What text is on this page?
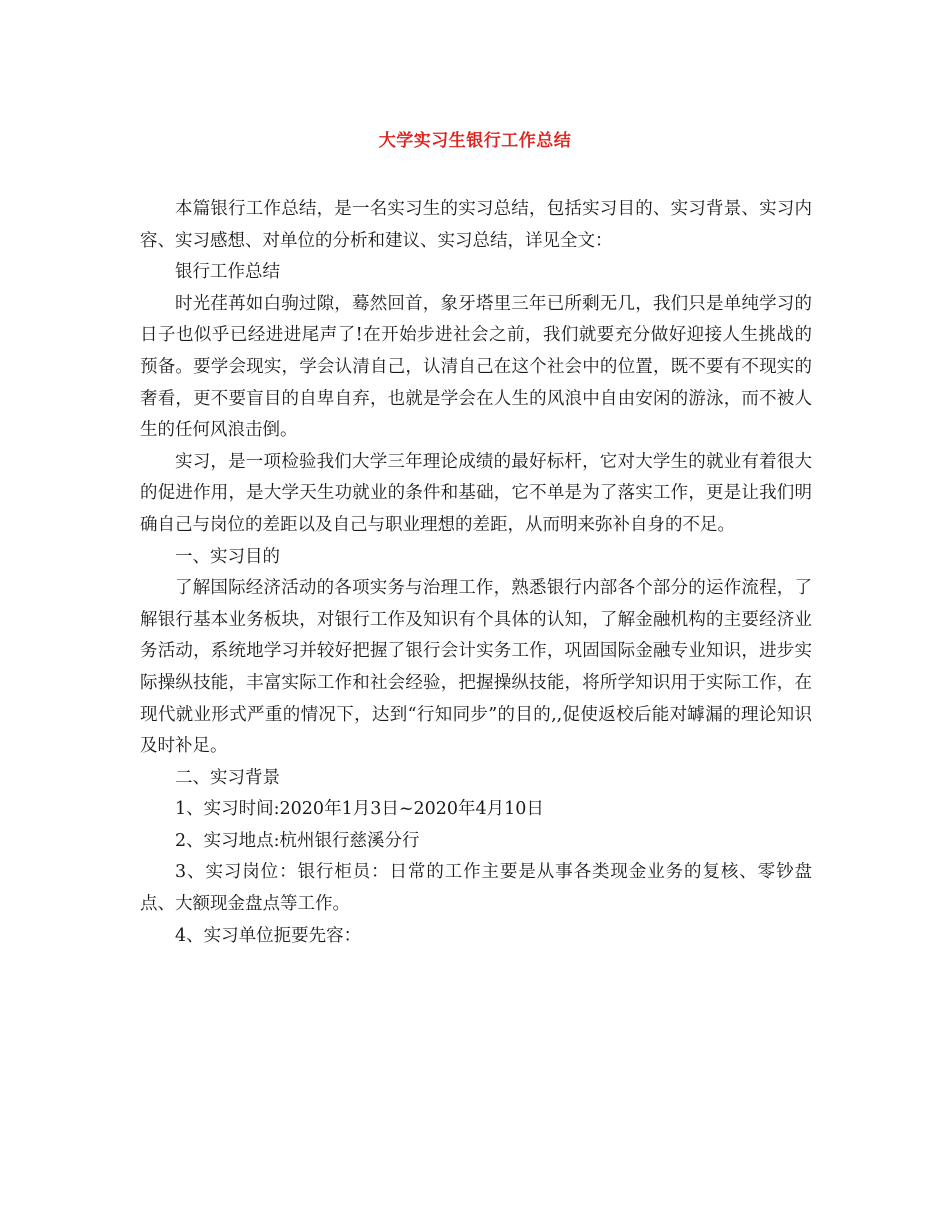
大学实习生银行工作总结

本篇银行工作总结，是一名实习生的实习总结，包括实习目的、实习背景、实习内容、实习感想、对单位的分析和建议、实习总结，详见全文：

银行工作总结

时光荏苒如白驹过隙，蓦然回首，象牙塔里三年已所剩无几，我们只是单纯学习的日子也似乎已经进进尾声了!在开始步进社会之前，我们就要充分做好迎接人生挑战的预备。要学会现实，学会认清自己，认清自己在这个社会中的位置，既不要有不现实的奢看，更不要盲目的自卑自弃，也就是学会在人生的风浪中自由安闲的游泳，而不被人生的任何风浪击倒。

实习，是一项检验我们大学三年理论成绩的最好标杆，它对大学生的就业有着很大的促进作用，是大学天生功就业的条件和基础，它不单是为了落实工作，更是让我们明确自己与岗位的差距以及自己与职业理想的差距，从而明来弥补自身的不足。

一、实习目的

了解国际经济活动的各项实务与治理工作，熟悉银行内部各个部分的运作流程，了解银行基本业务板块，对银行工作及知识有个具体的认知，了解金融机构的主要经济业务活动，系统地学习并较好把握了银行会计实务工作，巩固国际金融专业知识，进步实际操纵技能，丰富实际工作和社会经验，把握操纵技能，将所学知识用于实际工作，在现代就业形式严重的情况下，达到“行知同步”的目的,,促使返校后能对罅漏的理论知识及时补足。

二、实习背景

1、实习时间:2020年1月3日~2020年4月10日

2、实习地点:杭州银行慈溪分行

3、实习岗位：银行柜员：日常的工作主要是从事各类现金业务的复核、零钞盘点、大额现金盘点等工作。

4、实习单位扼要先容：
